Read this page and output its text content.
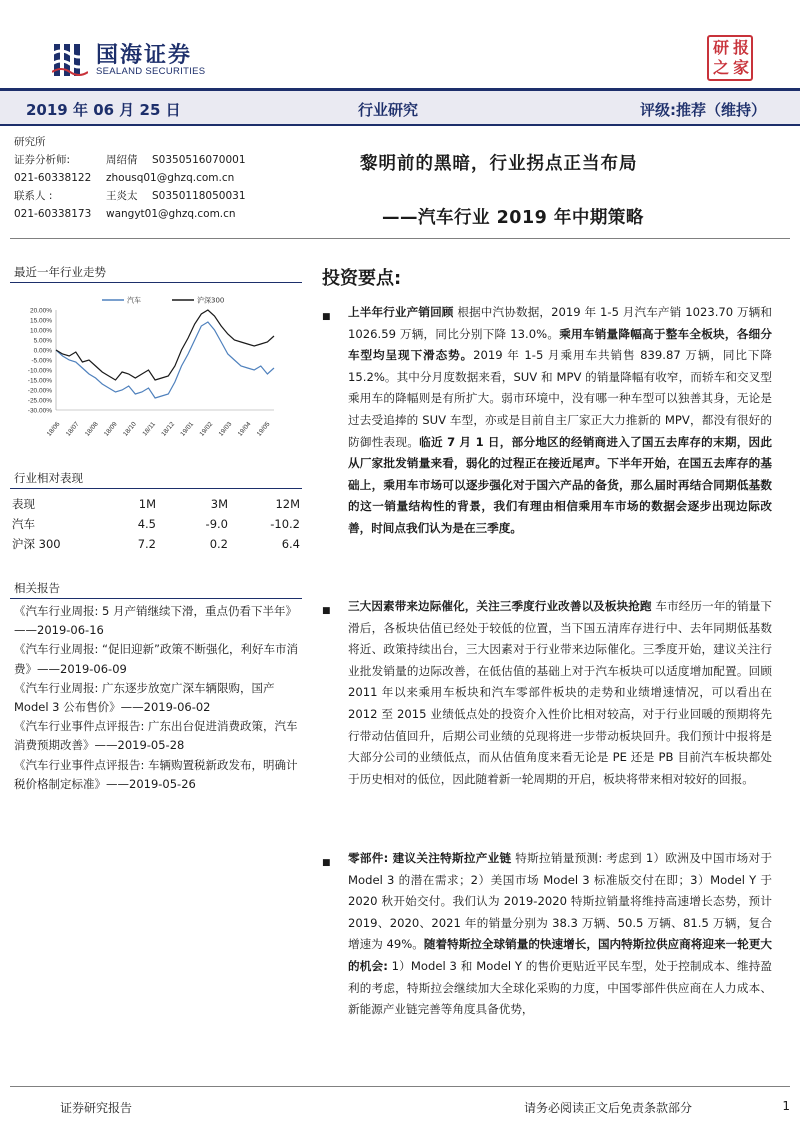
国海证券
SEALAND SECURITIES
研 报
之 家
2019 年 06 月 25 日	行业研究	评级:推荐（维持）
研究所
证券分析师:	周绍倩	S0350516070001
021-60338122	zhousq01@ghzq.com.cn
联系人 :	王炎太	S0350118050031
021-60338173	wangyt01@ghzq.com.cn
黎明前的黑暗，行业拐点正当布局
——汽车行业 2019 年中期策略
最近一年行业走势
20.00%
15.00%
10.00%
5.00%
0.00%
-5.00%
-10.00%
-15.00%
-20.00%
-25.00%
-30.00%
18/06 18/07 18/08 18/09 18/10 18/11 18/12 19/01 19/02 19/03 19/04 19/05
汽车	沪深300
行业相对表现
表现	1M	3M	12M
汽车	4.5	-9.0	-10.2
沪深 300	7.2	0.2	6.4
相关报告

《汽车行业周报: 5 月产销继续下滑，重点仍看下半年》——2019-06-16

《汽车行业周报: “促旧迎新”政策不断强化，利好车市消费》——2019-06-09

《汽车行业周报: 广东逐步放宽广深车辆限购，国产 Model 3 公布售价》——2019-06-02

《汽车行业事件点评报告: 广东出台促进消费政策，汽车消费预期改善》——2019-05-28

《汽车行业事件点评报告: 车辆购置税新政发布，明确计税价格制定标准》——2019-05-26

投资要点:
■ 上半年行业产销回顾 根据中汽协数据，2019 年 1-5 月汽车产销 1023.70 万辆和 1026.59 万辆，同比分别下降 13.0%。乘用车销量降幅高于整车全板块，各细分车型均呈现下滑态势。2019 年 1-5 月乘用车共销售 839.87 万辆，同比下降 15.2%。其中分月度数据来看，SUV 和 MPV 的销量降幅有收窄，而轿车和交叉型乘用车的降幅则是有所扩大。弱市环境中，没有哪一种车型可以独善其身，无论是过去受追捧的 SUV 车型，亦或是目前自主厂家正大力推新的 MPV，都没有很好的防御性表现。临近 7 月 1 日，部分地区的经销商进入了国五去库存的末期，因此从厂家批发销量来看，弱化的过程正在接近尾声。下半年开始，在国五去库存的基础上，乘用车市场可以逐步强化对于国六产品的备货，那么届时再结合同期低基数的这一销量结构性的背景，我们有理由相信乘用车市场的数据会逐步出现边际改善，时间点我们认为是在三季度。
■ 三大因素带来边际催化，关注三季度行业改善以及板块抢跑 车市经历一年的销量下滑后，各板块估值已经处于较低的位置，当下国五清库存进行中、去年同期低基数将近、政策持续出台，三大因素对于行业带来边际催化。三季度开始，建议关注行业批发销量的边际改善，在低估值的基础上对于汽车板块可以适度增加配置。回顾 2011 年以来乘用车板块和汽车零部件板块的走势和业绩增速情况，可以看出在 2012 至 2015 业绩低点处的投资介入性价比相对较高，对于行业回暖的预期将先行带动估值回升，后期公司业绩的兑现将进一步带动板块回升。我们预计中报将是大部分公司的业绩低点，而从估值角度来看无论是 PE 还是 PB 目前汽车板块都处于历史相对的低位，因此随着新一轮周期的开启，板块将带来相对较好的回报。
■ 零部件: 建议关注特斯拉产业链 特斯拉销量预测: 考虑到 1）欧洲及中国市场对于 Model 3 的潜在需求；2）美国市场 Model 3 标准版交付在即；3）Model Y 于 2020 秋开始交付。我们认为 2019-2020 特斯拉销量将维持高速增长态势，预计 2019、2020、2021 年的销量分别为 38.3 万辆、50.5 万辆、81.5 万辆，复合增速为 49%。随着特斯拉全球销量的快速增长，国内特斯拉供应商将迎来一轮更大的机会: 1）Model 3 和 Model Y 的售价更贴近平民车型，处于控制成本、维持盈利的考虑，特斯拉会继续加大全球化采购的力度，中国零部件供应商在人力成本、新能源产业链完善等角度具备优势，
证券研究报告	请务必阅读正文后免责条款部分	1
